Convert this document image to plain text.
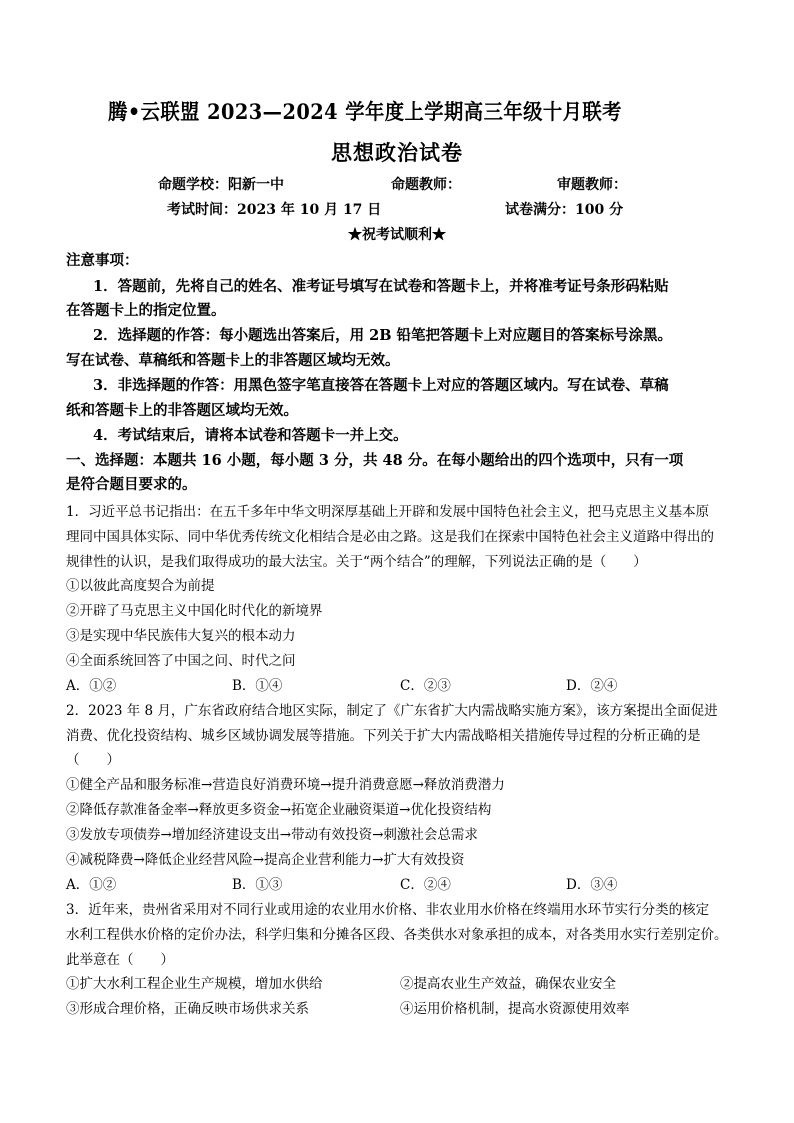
腾•云联盟 2023—2024 学年度上学期高三年级十月联考
思想政治试卷
命题学校：阳新一中	命题教师：	审题教师：
考试时间：2023 年 10 月 17 日	试卷满分：100 分
★祝考试顺利★
注意事项：
1．答题前，先将自己的姓名、准考证号填写在试卷和答题卡上，并将准考证号条形码粘贴
在答题卡上的指定位置。
2．选择题的作答：每小题选出答案后，用 2B 铅笔把答题卡上对应题目的答案标号涂黑。
写在试卷、草稿纸和答题卡上的非答题区域均无效。
3．非选择题的作答：用黑色签字笔直接答在答题卡上对应的答题区域内。写在试卷、草稿
纸和答题卡上的非答题区域均无效。
4．考试结束后，请将本试卷和答题卡一并上交。
一、选择题：本题共 16 小题，每小题 3 分，共 48 分。在每小题给出的四个选项中，只有一项
是符合题目要求的。
1．习近平总书记指出：在五千多年中华文明深厚基础上开辟和发展中国特色社会主义，把马克思主义基本原
理同中国具体实际、同中华优秀传统文化相结合是必由之路。这是我们在探索中国特色社会主义道路中得出的
规律性的认识，是我们取得成功的最大法宝。关于“两个结合”的理解，下列说法正确的是（　　）
①以彼此高度契合为前提
②开辟了马克思主义中国化时代化的新境界
③是实现中华民族伟大复兴的根本动力
④全面系统回答了中国之问、时代之问
A．①②	B．①④	C．②③	D．②④
2．2023 年 8 月，广东省政府结合地区实际，制定了《广东省扩大内需战略实施方案》，该方案提出全面促进
消费、优化投资结构、城乡区域协调发展等措施。下列关于扩大内需战略相关措施传导过程的分析正确的是
（　　）
①健全产品和服务标准→营造良好消费环境→提升消费意愿→释放消费潜力
②降低存款准备金率→释放更多资金→拓宽企业融资渠道→优化投资结构
③发放专项债券→增加经济建设支出→带动有效投资→刺激社会总需求
④减税降费→降低企业经营风险→提高企业营利能力→扩大有效投资
A．①②	B．①③	C．②④	D．③④
3．近年来，贵州省采用对不同行业或用途的农业用水价格、非农业用水价格在终端用水环节实行分类的核定
水利工程供水价格的定价办法，科学归集和分摊各区段、各类供水对象承担的成本，对各类用水实行差别定价。
此举意在（　　）
①扩大水利工程企业生产规模，增加水供给	②提高农业生产效益，确保农业安全
③形成合理价格，正确反映市场供求关系	④运用价格机制，提高水资源使用效率
